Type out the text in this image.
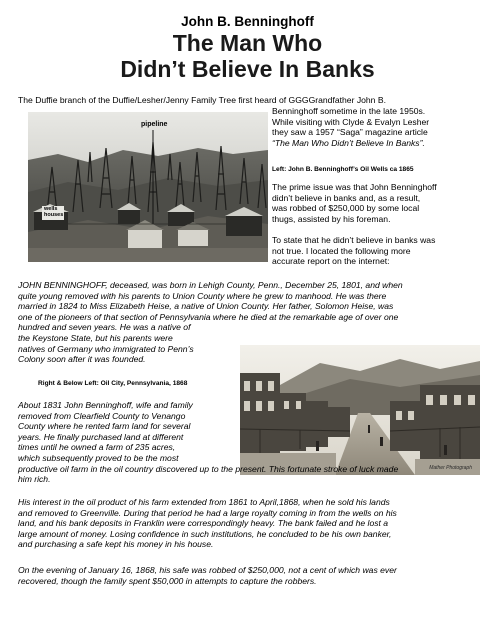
John B. Benninghoff
The Man Who
Didn’t Believe In Banks
The Duffie branch of the Duffie/Lesher/Jenny Family Tree first heard of GGGGrandfather John B.
Benninghoff sometime in the late 1950s.
While visiting with Clyde & Evalyn Lesher
they saw a 1957 “Saga” magazine article
“The Man Who Didn’t Believe In Banks”.
pipeline
wells
houses
Left: John B. Benninghoff’s Oil Wells ca 1865
The prime issue was that John Benninghoff
didn’t believe in banks and, as a result,
was robbed of $250,000 by some local
thugs, assisted by his foreman.
To state that he didn’t believe in banks was
not true. I located the following more
accurate report on the internet:
JOHN BENNINGHOFF, deceased, was born in Lehigh County, Penn., December 25, 1801, and when
quite young removed with his parents to Union County where he grew to manhood. He was there
married in 1824 to Miss Elizabeth Heise, a native of Union County. Her father, Solomon Heise, was
one of the pioneers of that section of Pennsylvania where he died at the remarkable age of over one
hundred and seven years. He was a native of
the Keystone State, but his parents were
natives of Germany who immigrated to Penn’s
Colony soon after it was founded.
Mather Photograph
Right & Below Left: Oil City, Pennsylvania, 1868
About 1831 John Benninghoff, wife and family
removed from Clearfield County to Venango
County where he rented farm land for several
years. He finally purchased land at different
times until he owned a farm of 235 acres,
which subsequently proved to be the most
productive oil farm in the oil country discovered up to the present. This fortunate stroke of luck made
him rich.
His interest in the oil product of his farm extended from 1861 to April,1868, when he sold his lands
and removed to Greenville. During that period he had a large royalty coming in from the wells on his
land, and his bank deposits in Franklin were correspondingly heavy. The bank failed and he lost a
large amount of money. Losing confidence in such institutions, he concluded to be his own banker,
and purchasing a safe kept his money in his house.
On the evening of January 16, 1868, his safe was robbed of $250,000, not a cent of which was ever
recovered, though the family spent $50,000 in attempts to capture the robbers.
